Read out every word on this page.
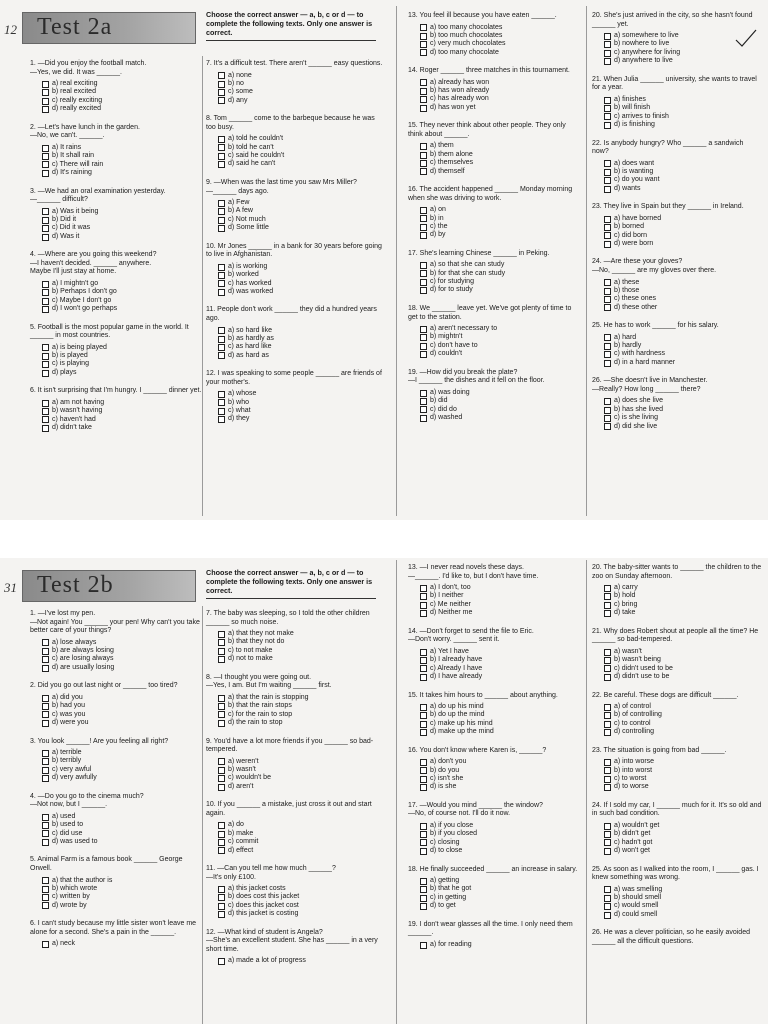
12 Test 2a	Choose the correct answer — a, b, c or d — to complete the following texts. Only one answer is correct.
1. —Did you enjoy the football match.
—Yes, we did. It was ______.
a) real exciting
b) real excited
c) really exciting
d) really excited
2. —Let's have lunch in the garden.
—No, we can't. ______.
a) It rains
b) It shall rain
c) There will rain
d) It's raining
3. —We had an oral examination yesterday.
—______ difficult?
a) Was it being
b) Did it
c) Did it was
d) Was it
4. —Where are you going this weekend?
—I haven't decided. ______ anywhere.
Maybe I'll just stay at home.
a) I mightn't go
b) Perhaps I don't go
c) Maybe I don't go
d) I won't go perhaps
5. Football is the most popular game in the world. It ______ in most countries.
a) is being played
b) is played
c) is playing
d) plays
6. It isn't surprising that I'm hungry. I ______ dinner yet.
a) am not having
b) wasn't having
c) haven't had
d) didn't take
7. It's a difficult test. There aren't ______ easy questions.
a) none
b) no
c) some
d) any
8. Tom ______ come to the barbeque because he was too busy.
a) told he couldn't
b) told he can't
c) said he couldn't
d) said he can't
9. —When was the last time you saw Mrs Miller?
—______ days ago.
a) Few
b) A few
c) Not much
d) Some little
10. Mr Jones ______ in a bank for 30 years before going to live in Afghanistan.
a) is working
b) worked
c) has worked
d) was worked
11. People don't work ______ they did a hundred years ago.
a) so hard like
b) as hardly as
c) as hard like
d) as hard as
12. I was speaking to some people ______ are friends of your mother's.
a) whose
b) who
c) what
d) they
13. You feel ill because you have eaten ______.
a) too many chocolates
b) too much chocolates
c) very much chocolates
d) too many chocolate
14. Roger ______ three matches in this tournament.
a) already has won
b) has won already
c) has already won
d) has won yet
15. They never think about other people. They only think about ______.
a) them
b) them alone
c) themselves
d) themself
16. The accident happened ______ Monday morning when she was driving to work.
a) on
b) in
c) the
d) by
17. She's learning Chinese ______ in Peking.
a) so that she can study
b) for that she can study
c) for studying
d) for to study
18. We ______ leave yet. We've got plenty of time to get to the station.
a) aren't necessary to
b) mightn't
c) don't have to
d) couldn't
19. —How did you break the plate?
—I ______ the dishes and it fell on the floor.
a) was doing
b) did
c) did do
d) washed
20. She's just arrived in the city, so she hasn't found ______ yet.
a) somewhere to live
b) nowhere to live
c) anywhere for living
d) anywhere to live
21. When Julia ______ university, she wants to travel for a year.
a) finishes
b) will finish
c) arrives to finish
d) is finishing
22. Is anybody hungry? Who ______ a sandwich now?
a) does want
b) is wanting
c) do you want
d) wants
23. They live in Spain but they ______ in Ireland.
a) have borned
b) borned
c) did born
d) were born
24. —Are these your gloves?
—No, ______ are my gloves over there.
a) these
b) those
c) these ones
d) these other
25. He has to work ______ for his salary.
a) hard
b) hardly
c) with hardness
d) in a hard manner
26. —She doesn't live in Manchester.
—Really? How long ______ there?
a) does she live
b) has she lived
c) is she living
d) did she live
31 Test 2b	Choose the correct answer — a, b, c or d — to complete the following texts. Only one answer is correct.
1. —I've lost my pen.
—Not again! You ______ your pen! Why can't you take better care of your things?
a) lose always
b) are always losing
c) are losing always
d) are usually losing
2. Did you go out last night or ______ too tired?
a) did you
b) had you
c) was you
d) were you
3. You look ______! Are you feeling all right?
a) terrible
b) terribly
c) very awful
d) very awfully
4. —Do you go to the cinema much?
—Not now, but I ______.
a) used
b) used to
c) did use
d) was used to
5. Animal Farm is a famous book ______ George Orwell.
a) that the author is
b) which wrote
c) written by
d) wrote by
6. I can't study because my little sister won't leave me alone for a second. She's a pain in the ______.
a) neck
7. The baby was sleeping, so I told the other children ______ so much noise.
a) that they not make
b) that they not do
c) to not make
d) not to make
8. —I thought you were going out.
—Yes, I am. But I'm waiting ______ first.
a) that the rain is stopping
b) that the rain stops
c) for the rain to stop
d) the rain to stop
9. You'd have a lot more friends if you ______ so bad-tempered.
a) weren't
b) wasn't
c) wouldn't be
d) aren't
10. If you ______ a mistake, just cross it out and start again.
a) do
b) make
c) commit
d) effect
11. —Can you tell me how much ______?
—It's only £100.
a) this jacket costs
b) does cost this jacket
c) does this jacket cost
d) this jacket is costing
12. —What kind of student is Angela?
—She's an excellent student. She has ______ in a very short time.
a) made a lot of progress
13. —I never read novels these days.
—______. I'd like to, but I don't have time.
a) I don't, too
b) I neither
c) Me neither
d) Neither me
14. —Don't forget to send the file to Eric.
—Don't worry. ______ sent it.
a) Yet I have
b) I already have
c) Already I have
d) I have already
15. It takes him hours to ______ about anything.
a) do up his mind
b) do up the mind
c) make up his mind
d) make up the mind
16. You don't know where Karen is, ______?
a) don't you
b) do you
c) isn't she
d) is she
17. —Would you mind ______ the window?
—No, of course not. I'll do it now.
a) if you close
b) if you closed
c) closing
d) to close
18. He finally succeeded ______ an increase in salary.
a) getting
b) that he got
c) in getting
d) to get
19. I don't wear glasses all the time. I only need them ______.
a) for reading
20. The baby-sitter wants to ______ the children to the zoo on Sunday afternoon.
a) carry
b) hold
c) bring
d) take
21. Why does Robert shout at people all the time? He ______ so bad-tempered.
a) wasn't
b) wasn't being
c) didn't used to be
d) didn't use to be
22. Be careful. These dogs are difficult ______.
a) of control
b) of controlling
c) to control
d) controlling
23. The situation is going from bad ______.
a) into worse
b) into worst
c) to worst
d) to worse
24. If I sold my car, I ______ much for it. It's so old and in such bad condition.
a) wouldn't get
b) didn't get
c) hadn't got
d) won't get
25. As soon as I walked into the room, I ______ gas. I knew something was wrong.
a) was smelling
b) should smell
c) would smell
d) could smell
26. He was a clever politician, so he easily avoided ______ all the difficult questions.
